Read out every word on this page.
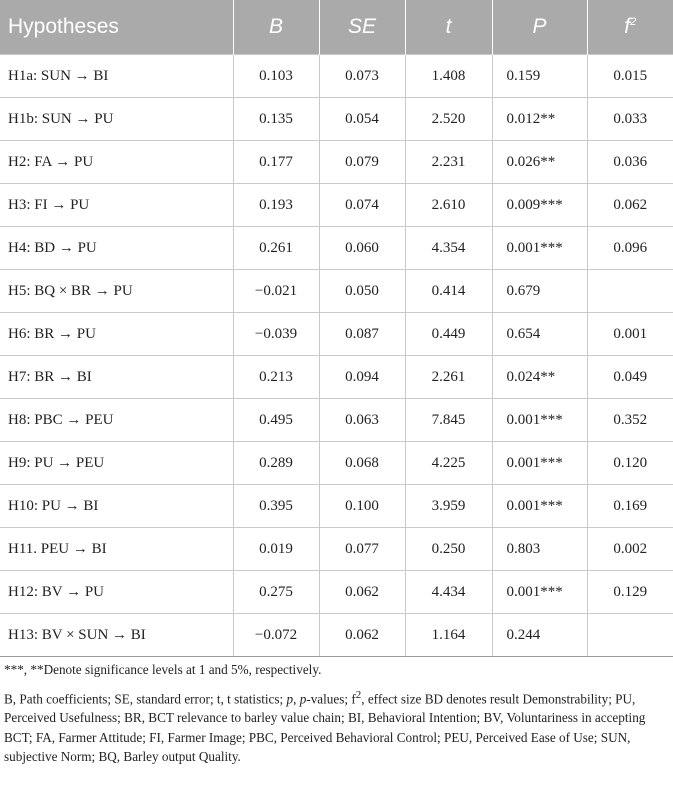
Hypotheses	B	SE	t	P	$f^2$
H1a: SUN → BI	0.103	0.073	1.408	0.159	0.015
H1b: SUN → PU	0.135	0.054	2.520	0.012**	0.033
H2: FA → PU	0.177	0.079	2.231	0.026**	0.036
H3: FI → PU	0.193	0.074	2.610	0.009***	0.062
H4: BD → PU	0.261	0.060	4.354	0.001***	0.096
H5: BQ × BR → PU	−0.021	0.050	0.414	0.679	
H6: BR → PU	−0.039	0.087	0.449	0.654	0.001
H7: BR → BI	0.213	0.094	2.261	0.024**	0.049
H8: PBC → PEU	0.495	0.063	7.845	0.001***	0.352
H9: PU → PEU	0.289	0.068	4.225	0.001***	0.120
H10: PU → BI	0.395	0.100	3.959	0.001***	0.169
H11. PEU → BI	0.019	0.077	0.250	0.803	0.002
H12: BV → PU	0.275	0.062	4.434	0.001***	0.129
H13: BV × SUN → BI	−0.072	0.062	1.164	0.244	

***, **Denote significance levels at 1 and 5%, respectively.

B, Path coefficients; SE, standard error; t, t statistics; p, p-values; $f^2$, effect size BD denotes result Demonstrability; PU, Perceived Usefulness; BR, BCT relevance to barley value chain; BI, Behavioral Intention; BV, Voluntariness in accepting BCT; FA, Farmer Attitude; FI, Farmer Image; PBC, Perceived Behavioral Control; PEU, Perceived Ease of Use; SUN, subjective Norm; BQ, Barley output Quality.
